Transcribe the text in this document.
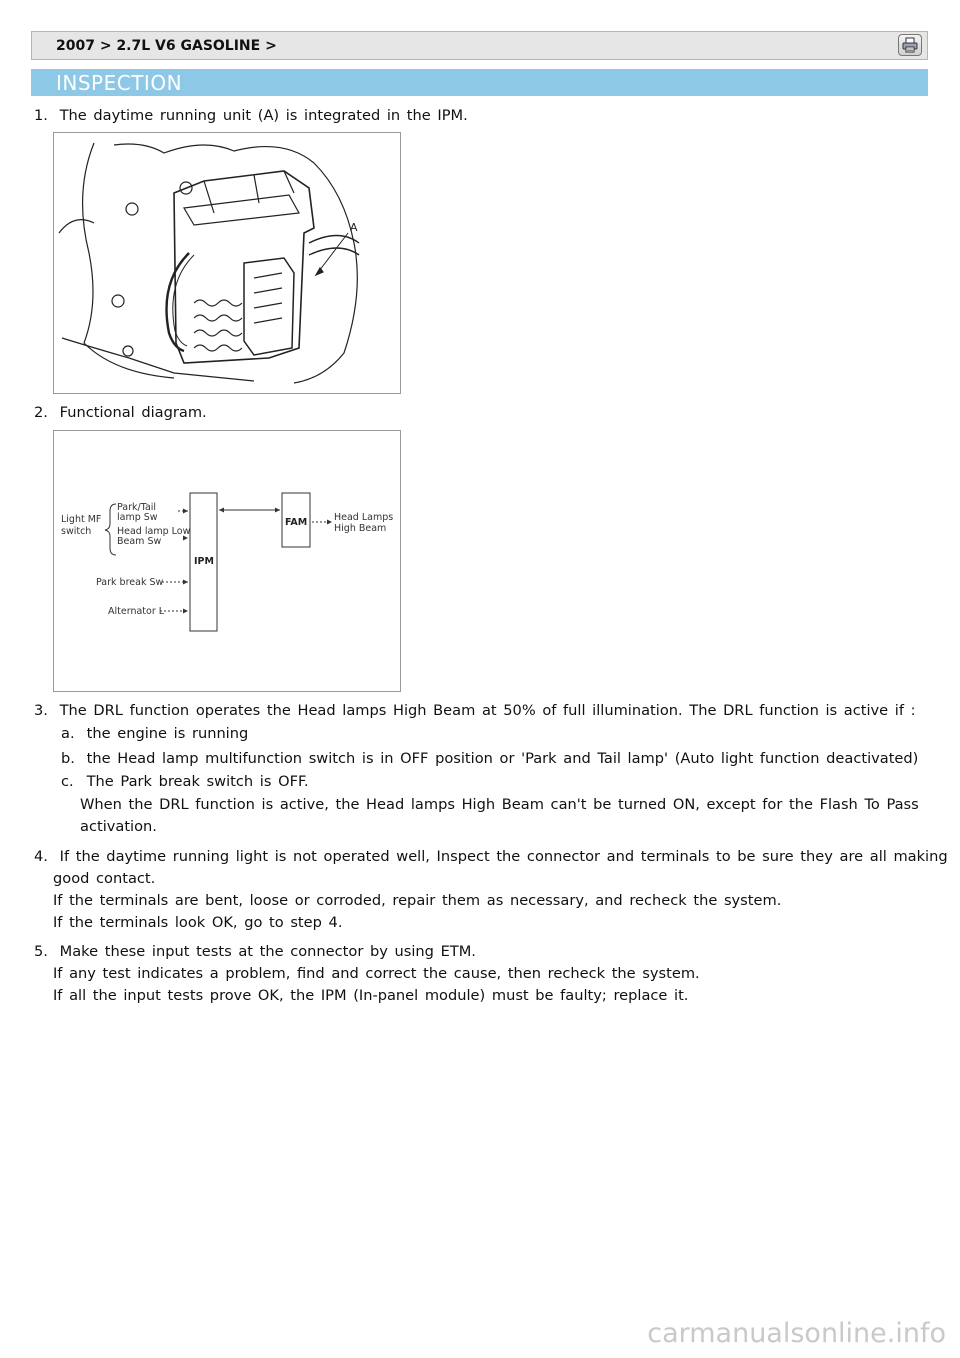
2007 > 2.7L V6 GASOLINE >
INSPECTION
1. The daytime running unit (A) is integrated in the IPM.
A
2. Functional diagram.
Light MF
switch
Park/Tail
lamp Sw
Head lamp Low
Beam Sw
Park break Sw
Alternator L
IPM
FAM	Head Lamps
High Beam
3. The DRL function operates the Head lamps High Beam at 50% of full illumination. The DRL function is active if :
a. the engine is running
b. the Head lamp multifunction switch is in OFF position or 'Park and Tail lamp' (Auto light function deactivated)
c. The Park break switch is OFF.
When the DRL function is active, the Head lamps High Beam can't be turned ON, except for the Flash To Pass
activation.
4. If the daytime running light is not operated well, Inspect the connector and terminals to be sure they are all making
good contact.
If the terminals are bent, loose or corroded, repair them as necessary, and recheck the system.
If the terminals look OK, go to step 4.
5. Make these input tests at the connector by using ETM.
If any test indicates a problem, find and correct the cause, then recheck the system.
If all the input tests prove OK, the IPM (In-panel module) must be faulty; replace it.
carmanualsonline.info
